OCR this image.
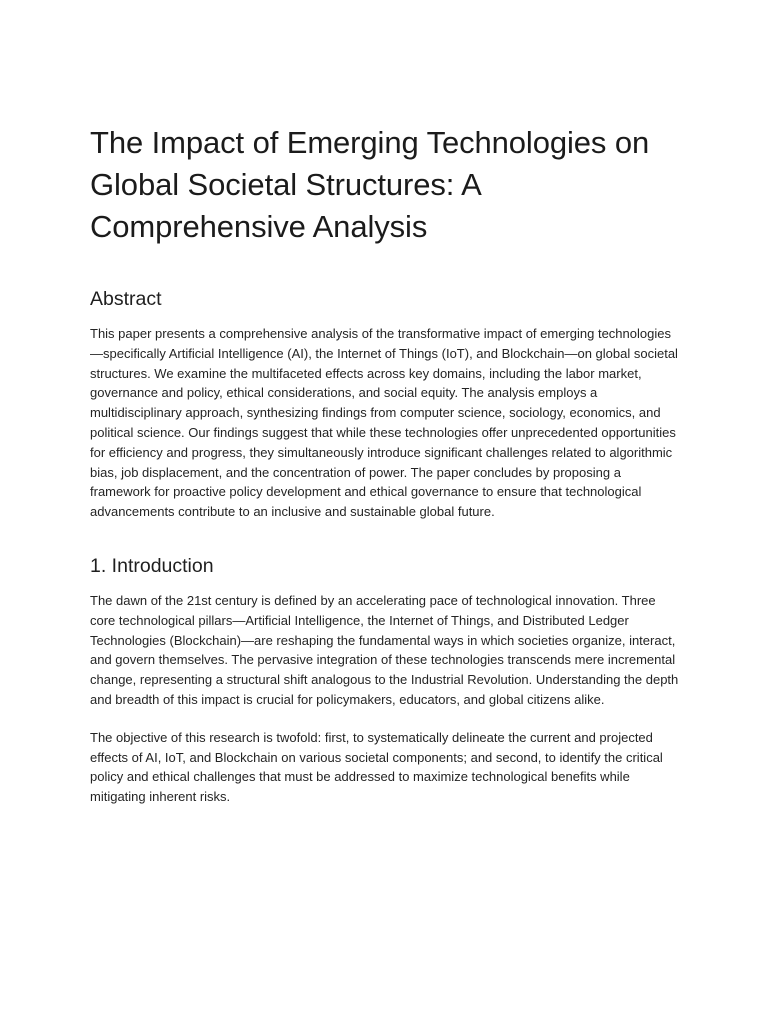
The Impact of Emerging Technologies on Global Societal Structures: A Comprehensive Analysis
Abstract

This paper presents a comprehensive analysis of the transformative impact of emerging technologies—specifically Artificial Intelligence (AI), the Internet of Things (IoT), and Blockchain—on global societal structures. We examine the multifaceted effects across key domains, including the labor market, governance and policy, ethical considerations, and social equity. The analysis employs a multidisciplinary approach, synthesizing findings from computer science, sociology, economics, and political science. Our findings suggest that while these technologies offer unprecedented opportunities for efficiency and progress, they simultaneously introduce significant challenges related to algorithmic bias, job displacement, and the concentration of power. The paper concludes by proposing a framework for proactive policy development and ethical governance to ensure that technological advancements contribute to an inclusive and sustainable global future.

1. Introduction

The dawn of the 21st century is defined by an accelerating pace of technological innovation. Three core technological pillars—Artificial Intelligence, the Internet of Things, and Distributed Ledger Technologies (Blockchain)—are reshaping the fundamental ways in which societies organize, interact, and govern themselves. The pervasive integration of these technologies transcends mere incremental change, representing a structural shift analogous to the Industrial Revolution. Understanding the depth and breadth of this impact is crucial for policymakers, educators, and global citizens alike.

The objective of this research is twofold: first, to systematically delineate the current and projected effects of AI, IoT, and Blockchain on various societal components; and second, to identify the critical policy and ethical challenges that must be addressed to maximize technological benefits while mitigating inherent risks.
